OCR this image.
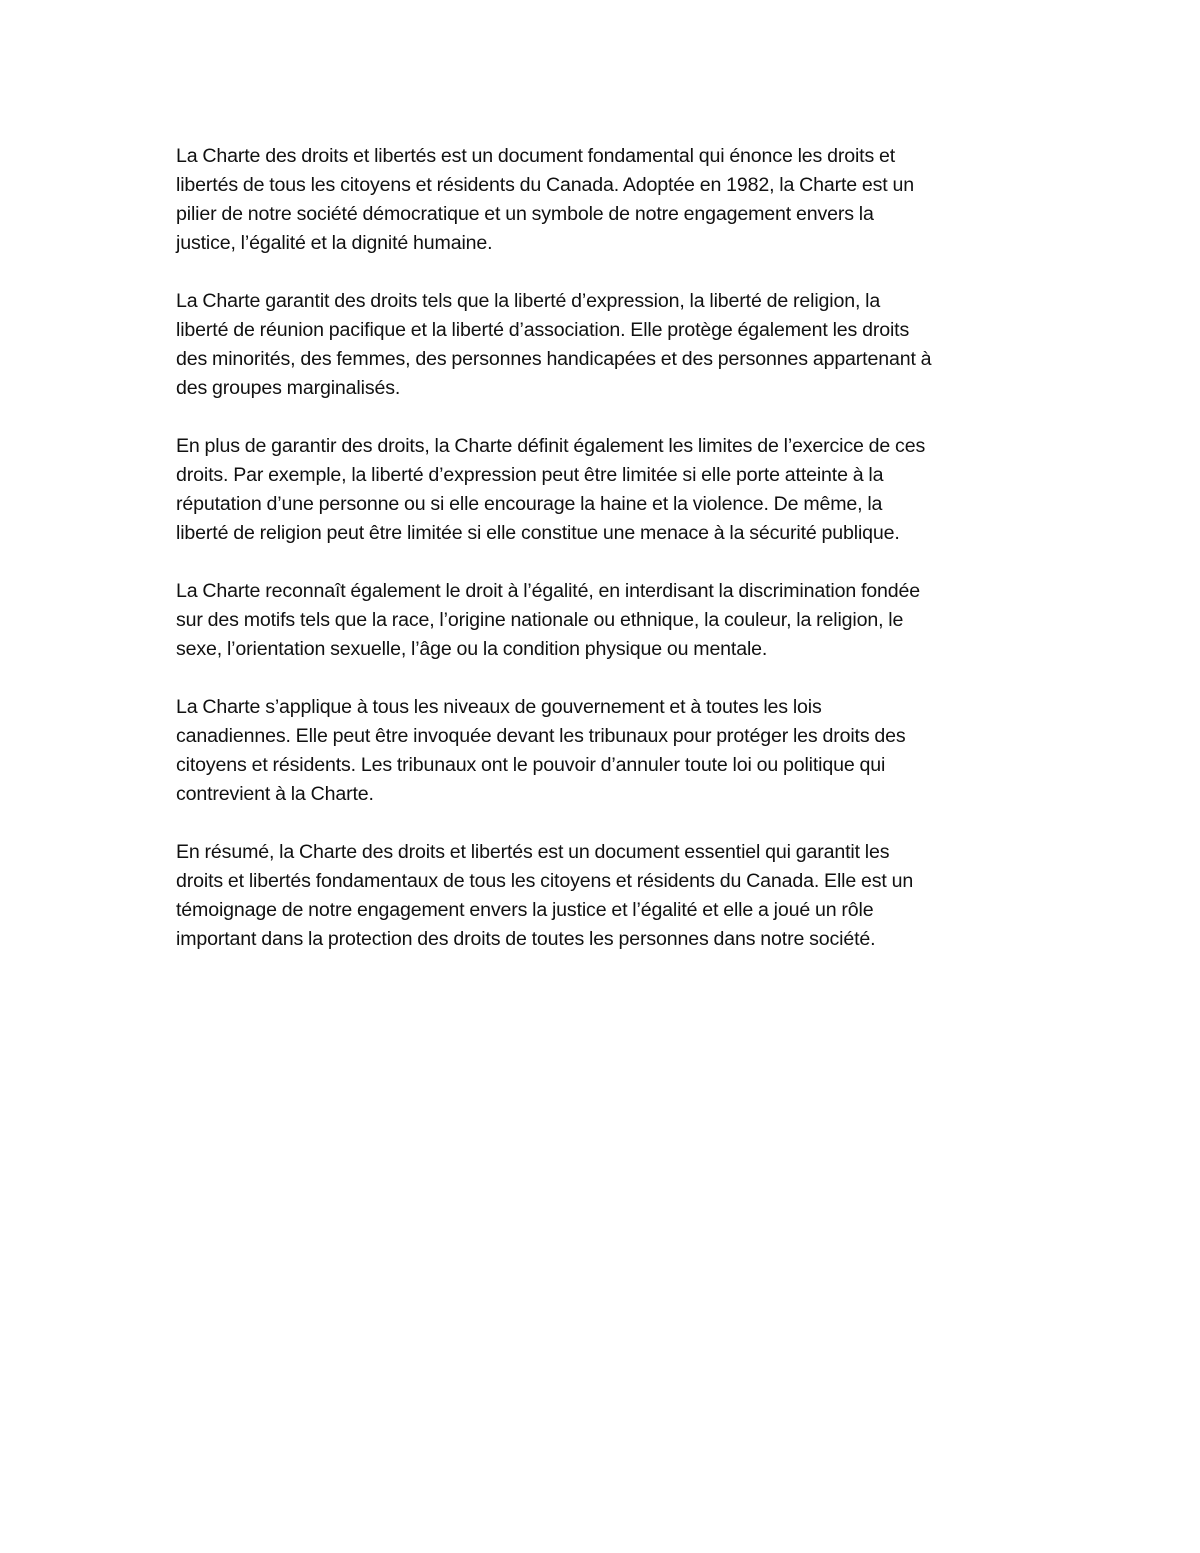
La Charte des droits et libertés est un document fondamental qui énonce les droits et
libertés de tous les citoyens et résidents du Canada. Adoptée en 1982, la Charte est un
pilier de notre société démocratique et un symbole de notre engagement envers la
justice, l’égalité et la dignité humaine.

La Charte garantit des droits tels que la liberté d’expression, la liberté de religion, la
liberté de réunion pacifique et la liberté d’association. Elle protège également les droits
des minorités, des femmes, des personnes handicapées et des personnes appartenant à
des groupes marginalisés.

En plus de garantir des droits, la Charte définit également les limites de l’exercice de ces
droits. Par exemple, la liberté d’expression peut être limitée si elle porte atteinte à la
réputation d’une personne ou si elle encourage la haine et la violence. De même, la
liberté de religion peut être limitée si elle constitue une menace à la sécurité publique.

La Charte reconnaît également le droit à l’égalité, en interdisant la discrimination fondée
sur des motifs tels que la race, l’origine nationale ou ethnique, la couleur, la religion, le
sexe, l’orientation sexuelle, l’âge ou la condition physique ou mentale.

La Charte s’applique à tous les niveaux de gouvernement et à toutes les lois
canadiennes. Elle peut être invoquée devant les tribunaux pour protéger les droits des
citoyens et résidents. Les tribunaux ont le pouvoir d’annuler toute loi ou politique qui
contrevient à la Charte.

En résumé, la Charte des droits et libertés est un document essentiel qui garantit les
droits et libertés fondamentaux de tous les citoyens et résidents du Canada. Elle est un
témoignage de notre engagement envers la justice et l’égalité et elle a joué un rôle
important dans la protection des droits de toutes les personnes dans notre société.
